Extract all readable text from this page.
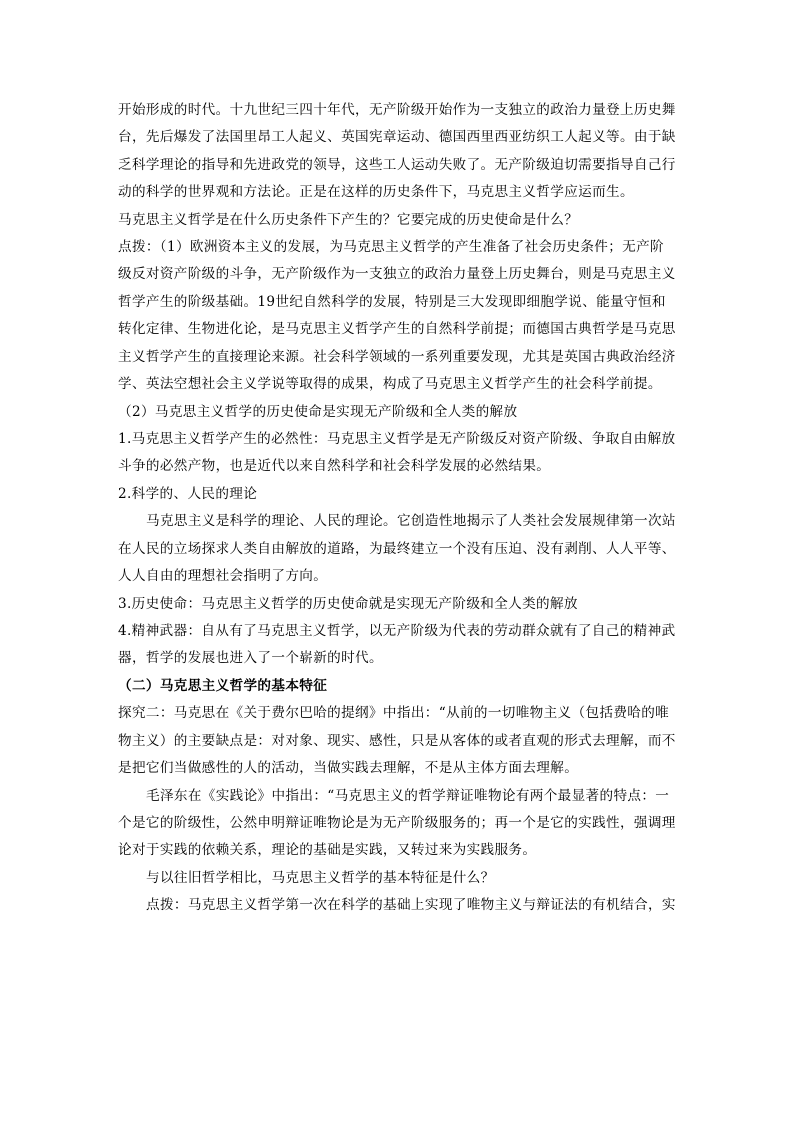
开始形成的时代。十九世纪三四十年代，无产阶级开始作为一支独立的政治力量登上历史舞
台，先后爆发了法国里昂工人起义、英国宪章运动、德国西里西亚纺织工人起义等。由于缺
乏科学理论的指导和先进政党的领导，这些工人运动失败了。无产阶级迫切需要指导自己行
动的科学的世界观和方法论。正是在这样的历史条件下，马克思主义哲学应运而生。
马克思主义哲学是在什么历史条件下产生的？它要完成的历史使命是什么？
点拨：（1）欧洲资本主义的发展，为马克思主义哲学的产生准备了社会历史条件；无产阶
级反对资产阶级的斗争，无产阶级作为一支独立的政治力量登上历史舞台，则是马克思主义
哲学产生的阶级基础。19世纪自然科学的发展，特别是三大发现即细胞学说、能量守恒和
转化定律、生物进化论，是马克思主义哲学产生的自然科学前提；而德国古典哲学是马克思
主义哲学产生的直接理论来源。社会科学领域的一系列重要发现，尤其是英国古典政治经济
学、英法空想社会主义学说等取得的成果，构成了马克思主义哲学产生的社会科学前提。
（2）马克思主义哲学的历史使命是实现无产阶级和全人类的解放
1.马克思主义哲学产生的必然性：马克思主义哲学是无产阶级反对资产阶级、争取自由解放
斗争的必然产物，也是近代以来自然科学和社会科学发展的必然结果。
2.科学的、人民的理论
马克思主义是科学的理论、人民的理论。它创造性地揭示了人类社会发展规律第一次站
在人民的立场探求人类自由解放的道路，为最终建立一个没有压迫、没有剥削、人人平等、
人人自由的理想社会指明了方向。
3.历史使命：马克思主义哲学的历史使命就是实现无产阶级和全人类的解放
4.精神武器：自从有了马克思主义哲学，以无产阶级为代表的劳动群众就有了自己的精神武
器，哲学的发展也进入了一个崭新的时代。
（二）马克思主义哲学的基本特征
探究二：马克思在《关于费尔巴哈的提纲》中指出：“从前的一切唯物主义（包括费哈的唯
物主义）的主要缺点是：对对象、现实、感性，只是从客体的或者直观的形式去理解，而不
是把它们当做感性的人的活动，当做实践去理解，不是从主体方面去理解。
毛泽东在《实践论》中指出：“马克思主义的哲学辩证唯物论有两个最显著的特点：一
个是它的阶级性，公然申明辩证唯物论是为无产阶级服务的；再一个是它的实践性，强调理
论对于实践的依赖关系，理论的基础是实践，又转过来为实践服务。
与以往旧哲学相比，马克思主义哲学的基本特征是什么？
点拨：马克思主义哲学第一次在科学的基础上实现了唯物主义与辩证法的有机结合，实
